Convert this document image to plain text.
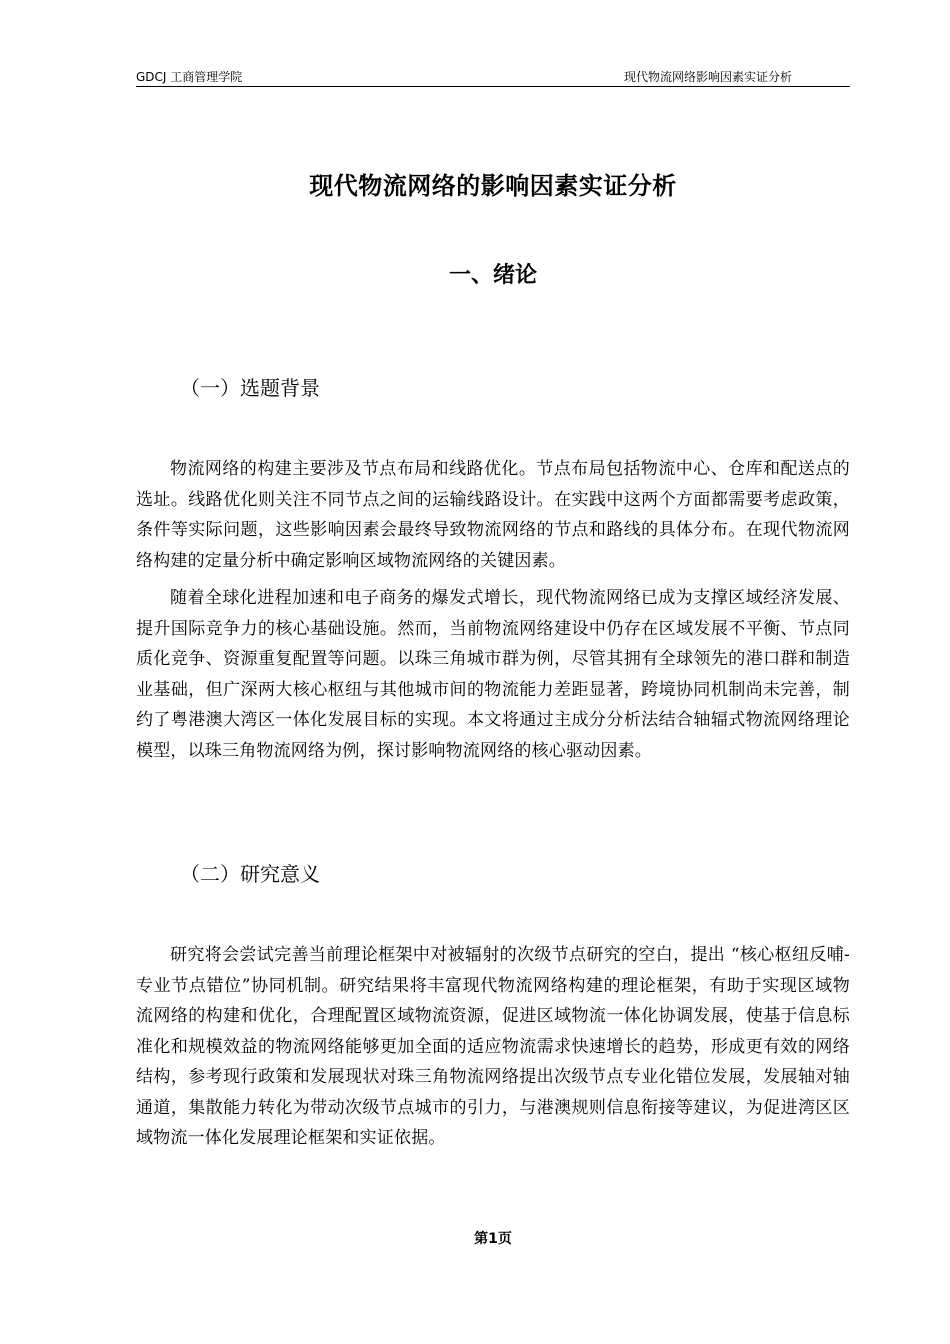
GDCJ 工商管理学院	现代物流网络影响因素实证分析
现代物流网络的影响因素实证分析
一、绪论
（一）选题背景

物流网络的构建主要涉及节点布局和线路优化。节点布局包括物流中心、仓库和配送点的选址。线路优化则关注不同节点之间的运输线路设计。在实践中这两个方面都需要考虑政策，条件等实际问题，这些影响因素会最终导致物流网络的节点和路线的具体分布。在现代物流网络构建的定量分析中确定影响区域物流网络的关键因素。

随着全球化进程加速和电子商务的爆发式增长，现代物流网络已成为支撑区域经济发展、提升国际竞争力的核心基础设施。然而，当前物流网络建设中仍存在区域发展不平衡、节点同质化竞争、资源重复配置等问题。以珠三角城市群为例，尽管其拥有全球领先的港口群和制造业基础，但广深两大核心枢纽与其他城市间的物流能力差距显著，跨境协同机制尚未完善，制约了粤港澳大湾区一体化发展目标的实现。本文将通过主成分分析法结合轴辐式物流网络理论模型，以珠三角物流网络为例，探讨影响物流网络的核心驱动因素。

（二）研究意义

研究将会尝试完善当前理论框架中对被辐射的次级节点研究的空白，提出 “核心枢纽反哺-专业节点错位”协同机制。研究结果将丰富现代物流网络构建的理论框架，有助于实现区域物流网络的构建和优化，合理配置区域物流资源，促进区域物流一体化协调发展，使基于信息标准化和规模效益的物流网络能够更加全面的适应物流需求快速增长的趋势，形成更有效的网络结构，参考现行政策和发展现状对珠三角物流网络提出次级节点专业化错位发展，发展轴对轴通道，集散能力转化为带动次级节点城市的引力，与港澳规则信息衔接等建议，为促进湾区区域物流一体化发展理论框架和实证依据。

第1页
